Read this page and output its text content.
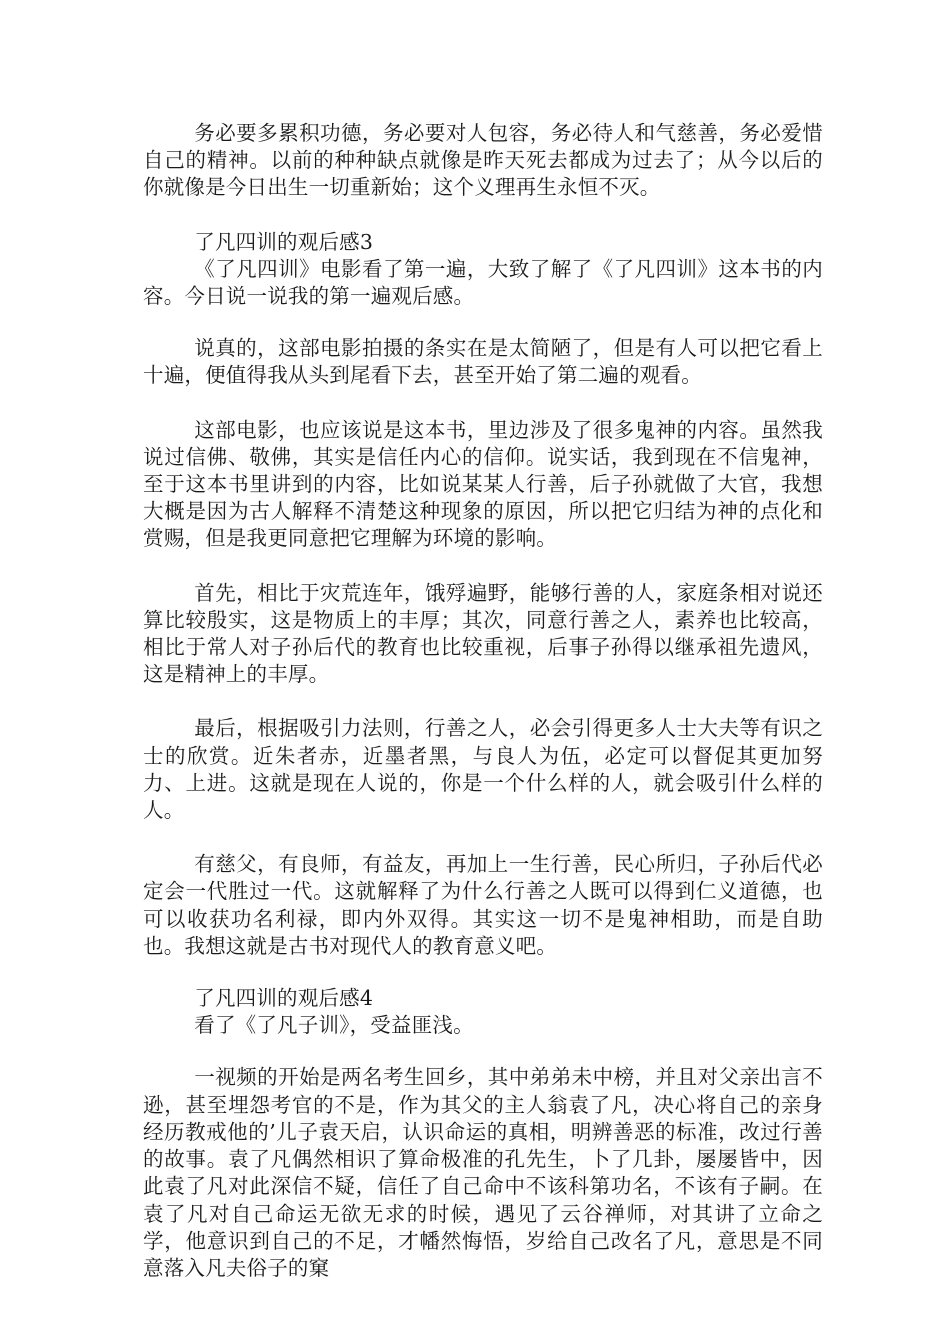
务必要多累积功德，务必要对人包容，务必待人和气慈善，务必爱惜自己的精神。以前的种种缺点就像是昨天死去都成为过去了；从今以后的你就像是今日出生一切重新始；这个义理再生永恒不灭。

了凡四训的观后感3

《了凡四训》电影看了第一遍，大致了解了《了凡四训》这本书的内容。今日说一说我的第一遍观后感。

说真的，这部电影拍摄的条实在是太简陋了，但是有人可以把它看上十遍，便值得我从头到尾看下去，甚至开始了第二遍的观看。

这部电影，也应该说是这本书，里边涉及了很多鬼神的内容。虽然我说过信佛、敬佛，其实是信任内心的信仰。说实话，我到现在不信鬼神，至于这本书里讲到的内容，比如说某某人行善，后子孙就做了大官，我想大概是因为古人解释不清楚这种现象的原因，所以把它归结为神的点化和赏赐，但是我更同意把它理解为环境的影响。

首先，相比于灾荒连年，饿殍遍野，能够行善的人，家庭条相对说还算比较殷实，这是物质上的丰厚；其次，同意行善之人，素养也比较高，相比于常人对子孙后代的教育也比较重视，后事子孙得以继承祖先遗风，这是精神上的丰厚。

最后，根据吸引力法则，行善之人，必会引得更多人士大夫等有识之士的欣赏。近朱者赤，近墨者黑，与良人为伍，必定可以督促其更加努力、上进。这就是现在人说的，你是一个什么样的人，就会吸引什么样的人。

有慈父，有良师，有益友，再加上一生行善，民心所归，子孙后代必定会一代胜过一代。这就解释了为什么行善之人既可以得到仁义道德，也可以收获功名利禄，即内外双得。其实这一切不是鬼神相助，而是自助也。我想这就是古书对现代人的教育意义吧。

了凡四训的观后感4

看了《了凡子训》，受益匪浅。

一视频的开始是两名考生回乡，其中弟弟未中榜，并且对父亲出言不逊，甚至埋怨考官的不是，作为其父的主人翁袁了凡，决心将自己的亲身经历教戒他的’儿子袁天启，认识命运的真相，明辨善恶的标准，改过行善的故事。袁了凡偶然相识了算命极准的孔先生，卜了几卦，屡屡皆中，因此袁了凡对此深信不疑，信任了自己命中不该科第功名，不该有子嗣。在袁了凡对自己命运无欲无求的时候，遇见了云谷禅师，对其讲了立命之学，他意识到自己的不足，才幡然悔悟，岁给自己改名了凡，意思是不同意落入凡夫俗子的窠
